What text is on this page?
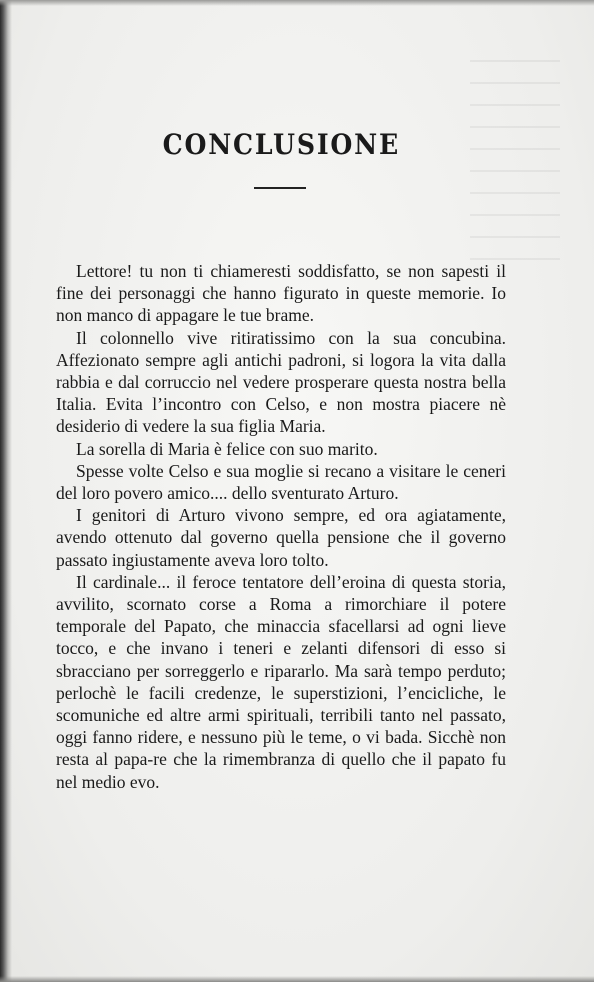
CONCLUSIONE

Lettore! tu non ti chiameresti soddisfatto, se non sapesti il fine dei personaggi che hanno figurato in queste memorie. Io non manco di appagare le tue brame.

Il colonnello vive ritiratissimo con la sua concubina. Affezionato sempre agli antichi padroni, si logora la vita dalla rabbia e dal corruccio nel vedere prosperare questa nostra bella Italia. Evita l’incontro con Celso, e non mostra piacere nè desiderio di vedere la sua figlia Maria.

La sorella di Maria è felice con suo marito.

Spesse volte Celso e sua moglie si recano a visitare le ceneri del loro povero amico.... dello sventurato Arturo.

I genitori di Arturo vivono sempre, ed ora agiatamente, avendo ottenuto dal governo quella pensione che il governo passato ingiustamente aveva loro tolto.

Il cardinale... il feroce tentatore dell’eroina di questa storia, avvilito, scornato corse a Roma a rimorchiare il potere temporale del Papato, che minaccia sfacellarsi ad ogni lieve tocco, e che invano i teneri e zelanti difensori di esso si sbracciano per sorreggerlo e ripararlo. Ma sarà tempo perduto; perlochè le facili credenze, le superstizioni, l’encicliche, le scomuniche ed altre armi spirituali, terribili tanto nel passato, oggi fanno ridere, e nessuno più le teme, o vi bada. Sicchè non resta al papa-re che la rimembranza di quello che il papato fu nel medio evo.
